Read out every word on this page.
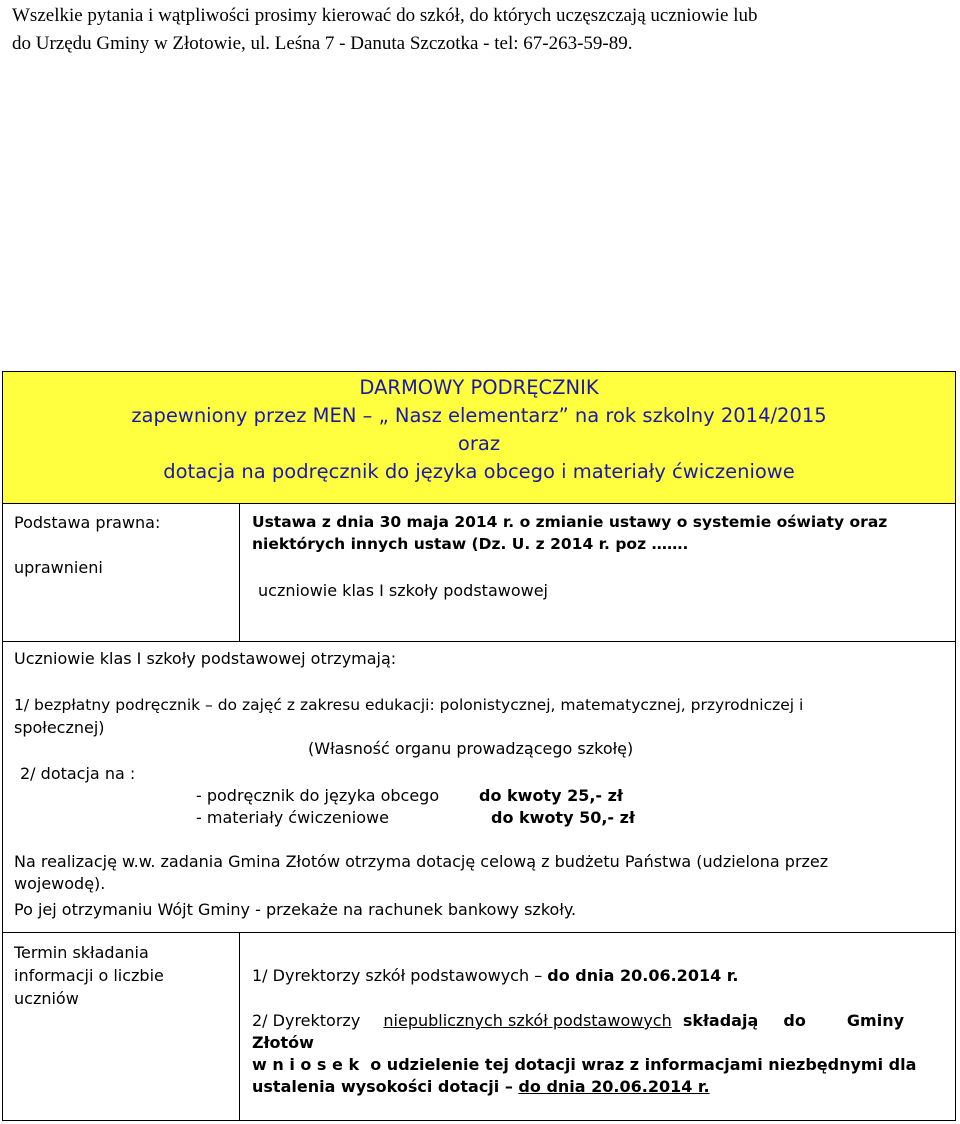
Wszelkie pytania i wątpliwości prosimy kierować do szkół, do których uczęszczają uczniowie lub
do Urzędu Gminy w Złotowie, ul. Leśna 7 - Danuta Szczotka - tel: 67-263-59-89.
DARMOWY PODRĘCZNIK
zapewniony przez MEN – „ Nasz elementarz” na rok szkolny 2014/2015
oraz
dotacja na podręcznik do języka obcego i materiały ćwiczeniowe
Podstawa prawna:
uprawnieni
Ustawa z dnia 30 maja 2014 r. o zmianie ustawy o systemie oświaty oraz
niektórych innych ustaw (Dz. U. z 2014 r. poz …….
uczniowie klas I szkoły podstawowej
Uczniowie klas I szkoły podstawowej otrzymają:
1/ bezpłatny podręcznik – do zajęć z zakresu edukacji: polonistycznej, matematycznej, przyrodniczej i
społecznej)
(Własność organu prowadzącego szkołę)
2/ dotacja na :
- podręcznik do języka obcego do kwoty 25,- zł
- materiały ćwiczeniowe	do kwoty 50,- zł
Na realizację w.w. zadania Gmina Złotów otrzyma dotację celową z budżetu Państwa (udzielona przez
wojewodę).
Po jej otrzymaniu Wójt Gminy - przekaże na rachunek bankowy szkoły.
Termin składania
informacji o liczbie
uczniów
1/ Dyrektorzy szkół podstawowych – do dnia 20.06.2014 r.
2/ Dyrektorzy niepublicznych szkół podstawowych składają do	Gminy
Złotów
w n i o s e k o udzielenie tej dotacji wraz z informacjami niezbędnymi dla
ustalenia wysokości dotacji – do dnia 20.06.2014 r.
